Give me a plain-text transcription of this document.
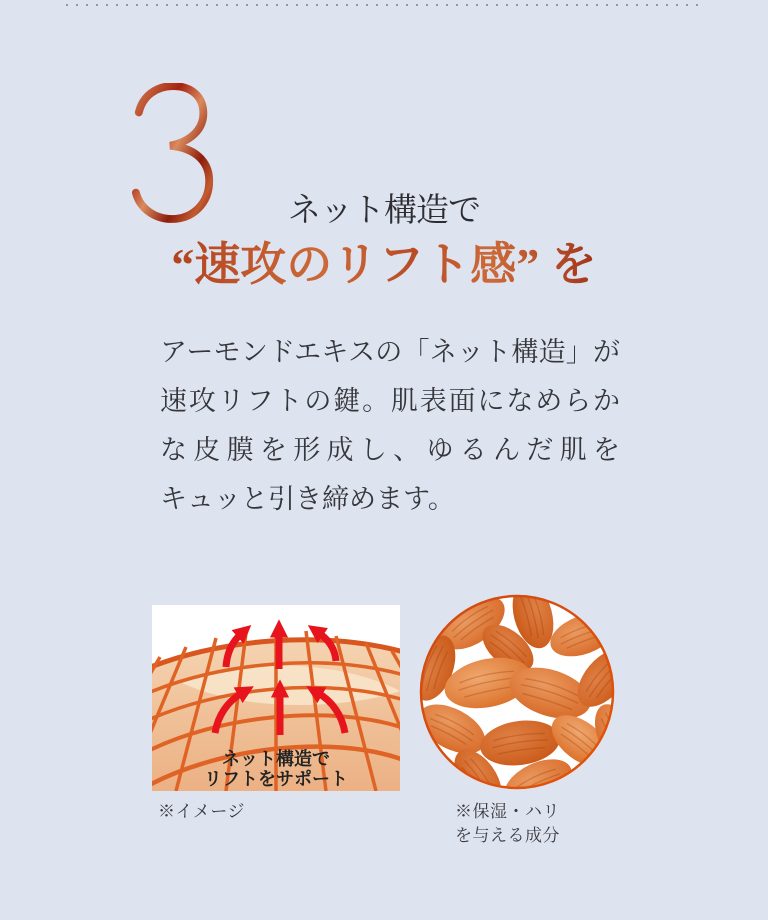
ネット構造で
“速攻のリフト感” を
アーモンドエキスの「ネット構造」が
速攻リフトの鍵。肌表面になめらか
な皮膜を形成し、ゆるんだ肌を
キュッと引き締めます。
ネット構造で
リフトをサポート
※イメージ	※保湿・ハリ
を与える成分
